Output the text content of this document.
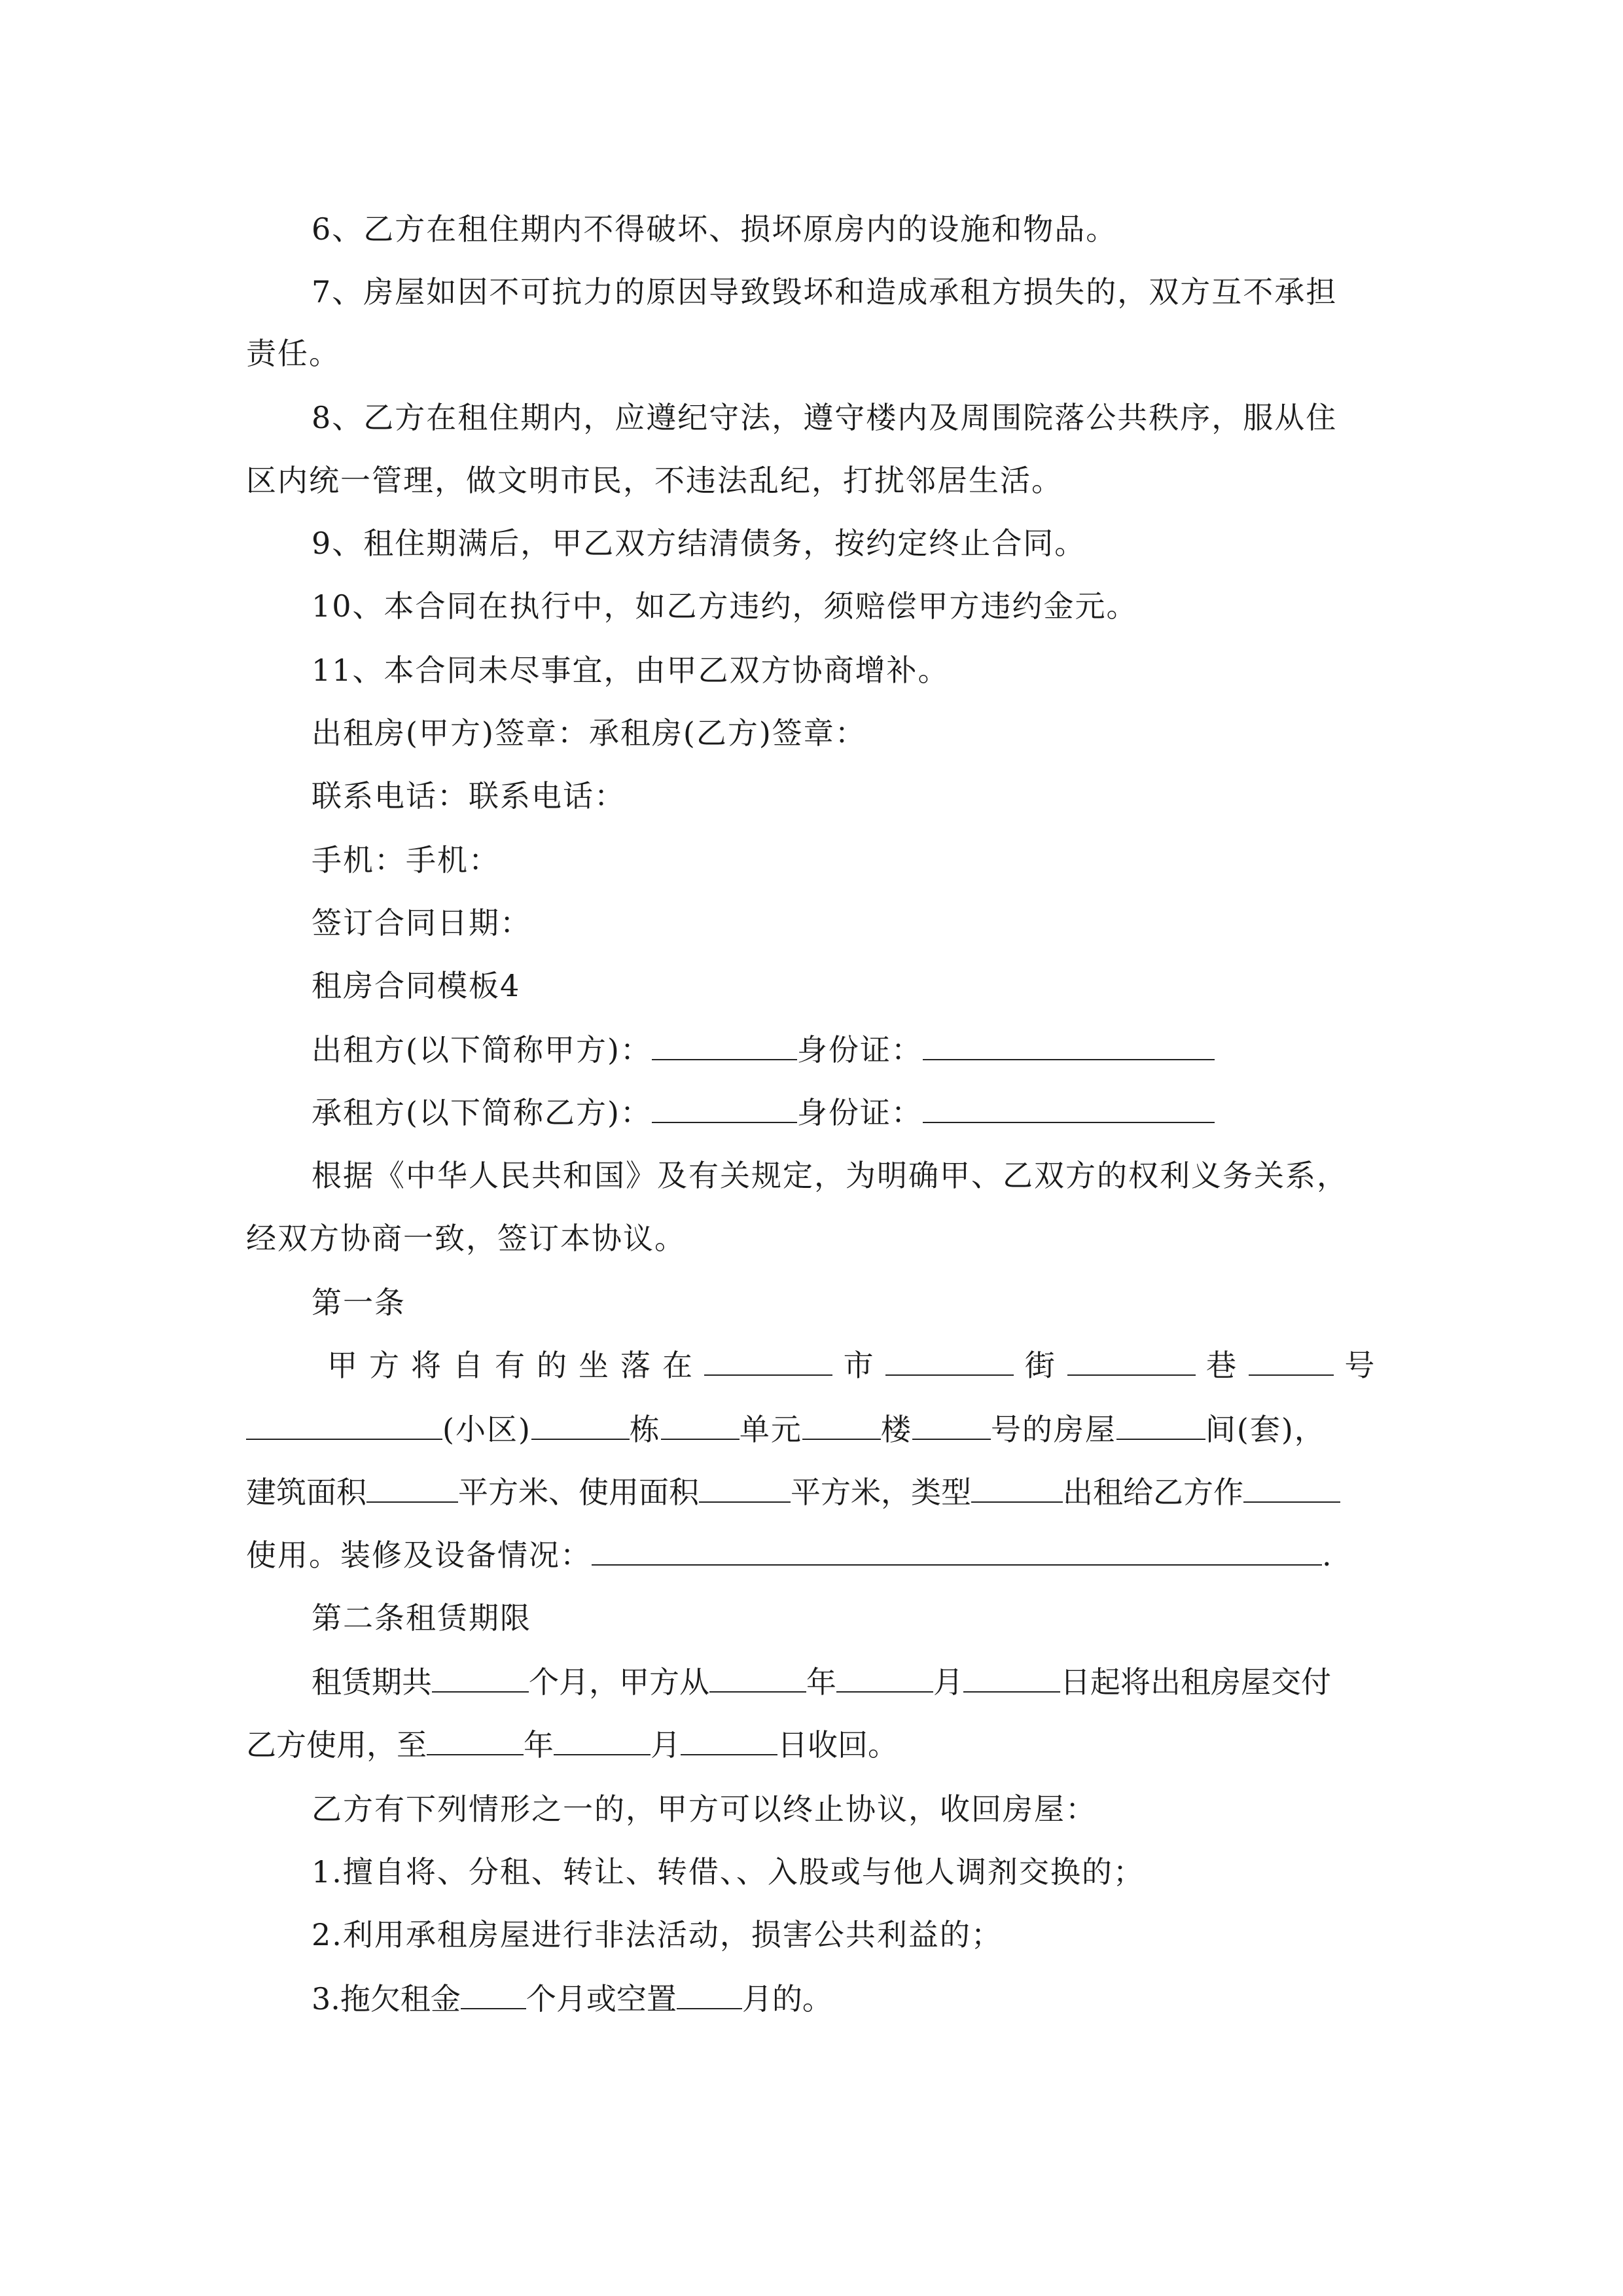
6、乙方在租住期内不得破坏、损坏原房内的设施和物品。
7、房屋如因不可抗力的原因导致毁坏和造成承租方损失的，双方互不承担
责任。
8、乙方在租住期内，应遵纪守法，遵守楼内及周围院落公共秩序，服从住
区内统一管理，做文明市民，不违法乱纪，打扰邻居生活。
9、租住期满后，甲乙双方结清债务，按约定终止合同。
10、本合同在执行中，如乙方违约，须赔偿甲方违约金元。
11、本合同未尽事宜，由甲乙双方协商增补。
出租房(甲方)签章：承租房(乙方)签章：
联系电话：联系电话：
手机：手机：
签订合同日期：
租房合同模板4
出租方(以下简称甲方)：	身份证：
承租方(以下简称乙方)：	身份证：
根据《中华人民共和国》及有关规定，为明确甲、乙双方的权利义务关系，
经双方协商一致，签订本协议。
第一条
甲方将自有的坐落在	市	街	巷	号
(小区)	栋	单元	楼	号的房屋	间(套)，
建筑面积	平方米、使用面积	平方米，类型	出租给乙方作
使用。装修及设备情况：	.
第二条租赁期限
租赁期共	个月，甲方从	年	月	日起将出租房屋交付
乙方使用，至	年	月	日收回。
乙方有下列情形之一的，甲方可以终止协议，收回房屋：
1.擅自将、分租、转让、转借、、入股或与他人调剂交换的；
2.利用承租房屋进行非法活动，损害公共利益的；
3.拖欠租金 个月或空置 月的。
